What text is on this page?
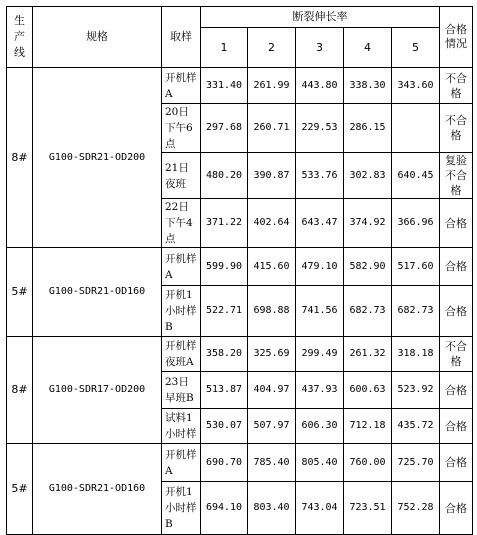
生产线	规格	取样	断裂伸长率					合格情况
			1	2	3	4	5	
8#	G100-SDR21-OD200	开机样A	331.40	261.99	443.80	338.30	343.60	不合格
		20日下午6点	297.68	260.71	229.53	286.15		不合格
		21日夜班	480.20	390.87	533.76	302.83	640.45	复验不合格
		22日下午4点	371.22	402.64	643.47	374.92	366.96	合格
5#	G100-SDR21-OD160	开机样A	599.90	415.60	479.10	582.90	517.60	合格
		开机1小时样B	522.71	698.88	741.56	682.73	682.73	合格
8#	G100-SDR17-OD200	开机样夜班A	358.20	325.69	299.49	261.32	318.18	不合格
		23日早班B	513.87	404.97	437.93	600.63	523.92	合格
		试料1小时样	530.07	507.97	606.30	712.18	435.72	合格
5#	G100-SDR21-OD160	开机样A	690.70	785.40	805.40	760.00	725.70	合格
		开机1小时样B	694.10	803.40	743.04	723.51	752.28	合格
